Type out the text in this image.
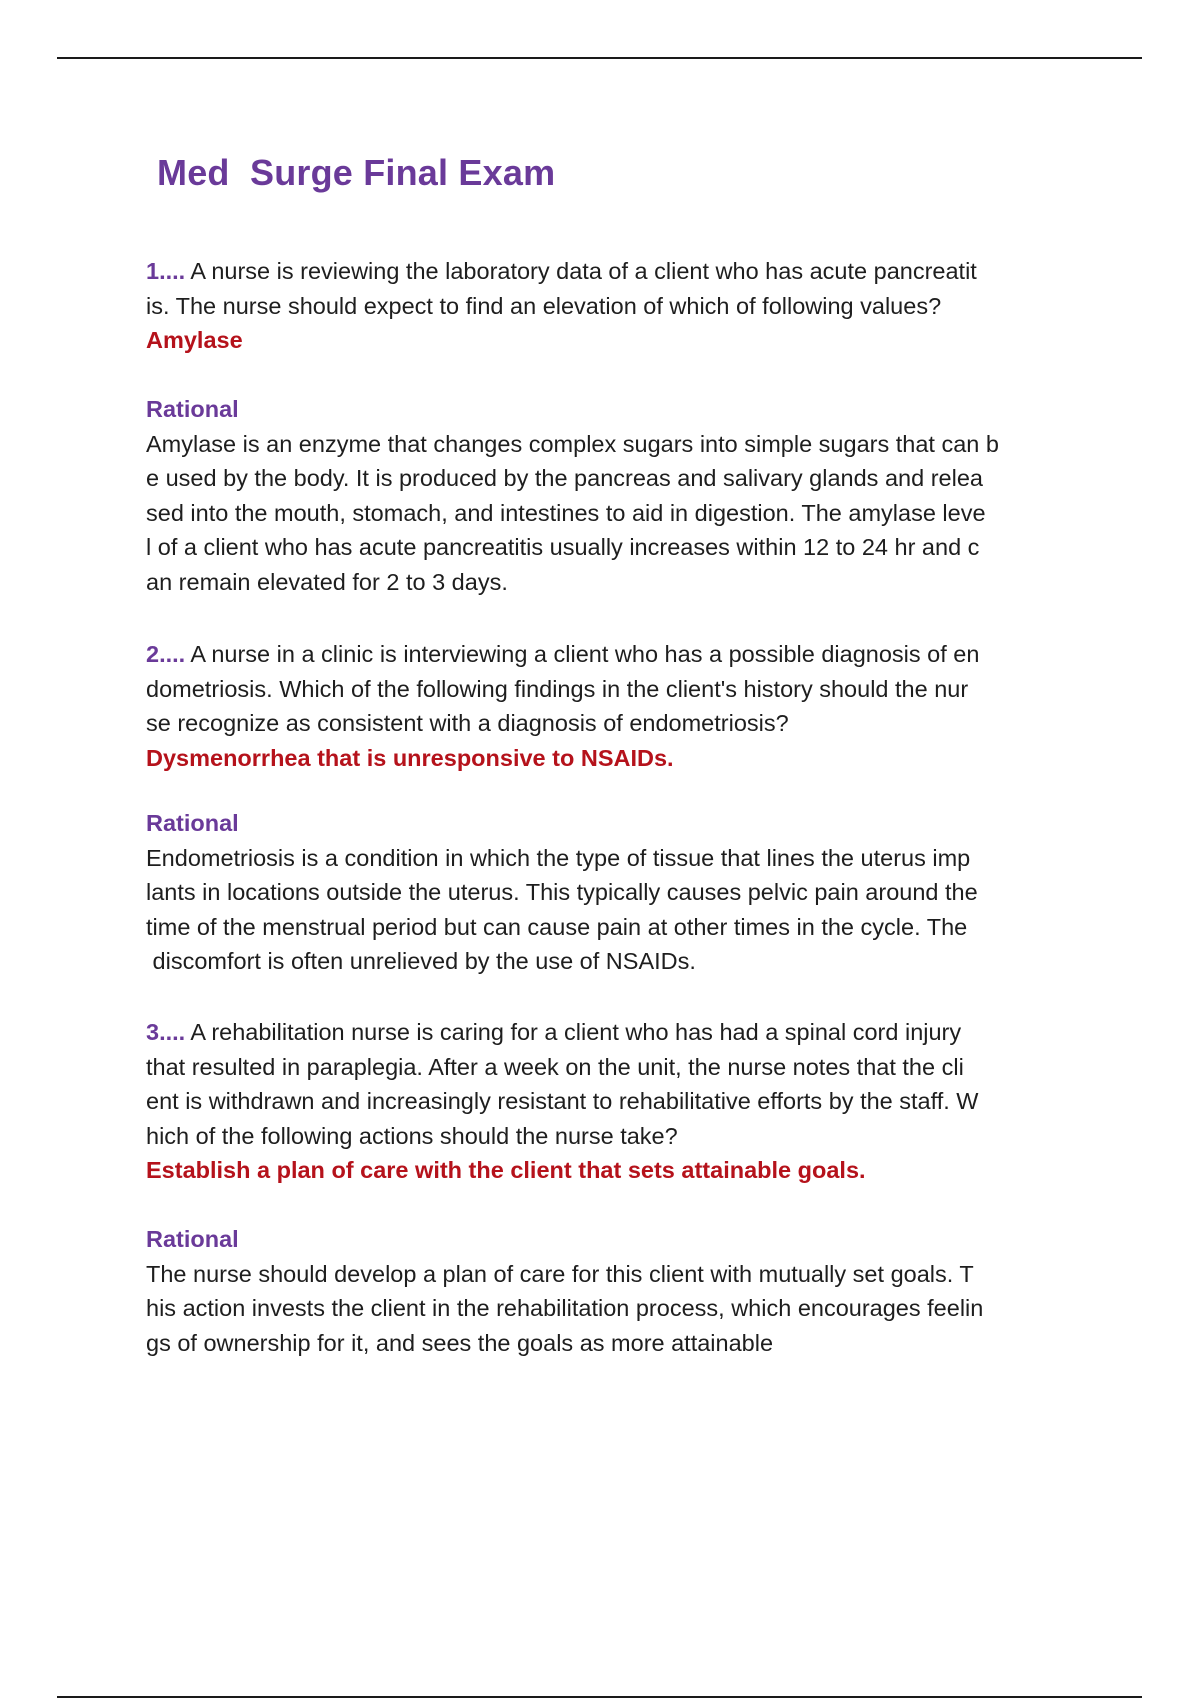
Med  Surge Final Exam

1.... A nurse is reviewing the laboratory data of a client who has acute pancreatit

is. The nurse should expect to find an elevation of which of following values?

Amylase

Rational

Amylase is an enzyme that changes complex sugars into simple sugars that can b

e used by the body. It is produced by the pancreas and salivary glands and relea

sed into the mouth, stomach, and intestines to aid in digestion. The amylase leve

l of a client who has acute pancreatitis usually increases within 12 to 24 hr and c

an remain elevated for 2 to 3 days.

2.... A nurse in a clinic is interviewing a client who has a possible diagnosis of en

dometriosis. Which of the following findings in the client's history should the nur

se recognize as consistent with a diagnosis of endometriosis?

Dysmenorrhea that is unresponsive to NSAIDs.

Rational

Endometriosis is a condition in which the type of tissue that lines the uterus imp

lants in locations outside the uterus. This typically causes pelvic pain around the

time of the menstrual period but can cause pain at other times in the cycle. The

discomfort is often unrelieved by the use of NSAIDs.

3.... A rehabilitation nurse is caring for a client who has had a spinal cord injury

that resulted in paraplegia. After a week on the unit, the nurse notes that the cli

ent is withdrawn and increasingly resistant to rehabilitative efforts by the staff. W

hich of the following actions should the nurse take?

Establish a plan of care with the client that sets attainable goals.

Rational

The nurse should develop a plan of care for this client with mutually set goals. T

his action invests the client in the rehabilitation process, which encourages feelin

gs of ownership for it, and sees the goals as more attainable
